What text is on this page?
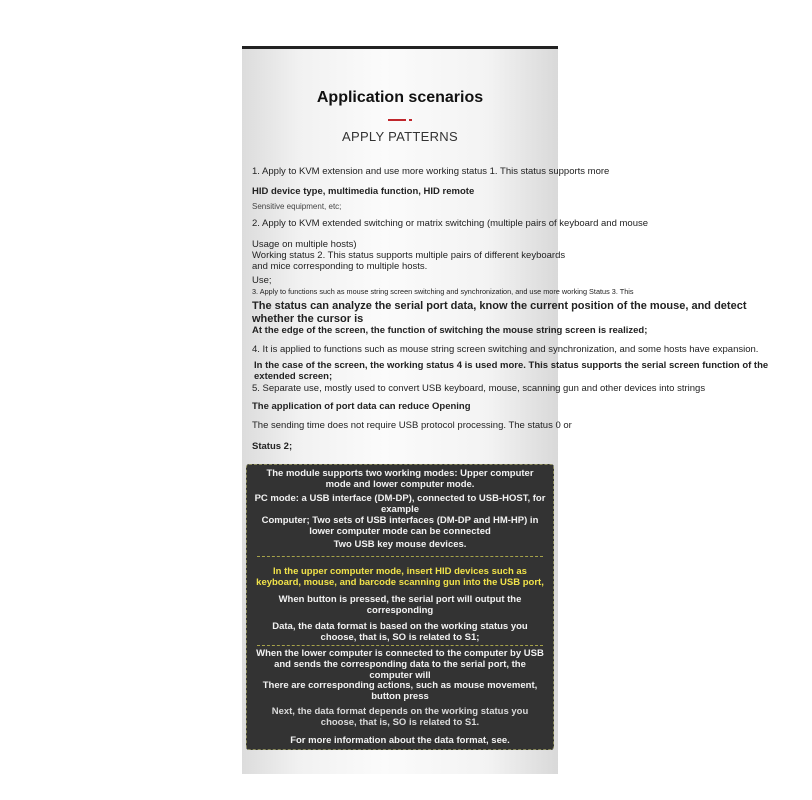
Application scenarios
APPLY PATTERNS
1. Apply to KVM extension and use more working status 1. This status supports more
HID device type, multimedia function, HID remote
Sensitive equipment, etc;
2. Apply to KVM extended switching or matrix switching (multiple pairs of keyboard and mouse
Usage on multiple hosts)
Working status 2. This status supports multiple pairs of different keyboards and mice corresponding to multiple hosts.
Use;
3. Apply to functions such as mouse string screen switching and synchronization, and use more working Status 3. This
The status can analyze the serial port data, know the current position of the mouse, and detect whether the cursor is
At the edge of the screen, the function of switching the mouse string screen is realized;
4. It is applied to functions such as mouse string screen switching and synchronization, and some hosts have expansion.
In the case of the screen, the working status 4 is used more. This status supports the serial screen function of the extended screen;
5. Separate use, mostly used to convert USB keyboard, mouse, scanning gun and other devices into strings
The application of port data can reduce Opening
The sending time does not require USB protocol processing. The status 0 or
Status 2;
The module supports two working modes: Upper computer mode and lower computer mode.
PC mode: a USB interface (DM-DP), connected to USB-HOST, for example
Computer; Two sets of USB interfaces (DM-DP and HM-HP) in lower computer mode can be connected
Two USB key mouse devices.
In the upper computer mode, insert HID devices such as keyboard, mouse, and barcode scanning gun into the USB port,
When button is pressed, the serial port will output the corresponding
Data, the data format is based on the working status you choose, that is, SO is related to S1;
When the lower computer is connected to the computer by USB and sends the corresponding data to the serial port, the computer will
There are corresponding actions, such as mouse movement, button press
Next, the data format depends on the working status you choose, that is, SO is related to S1.
For more information about the data format, see.
